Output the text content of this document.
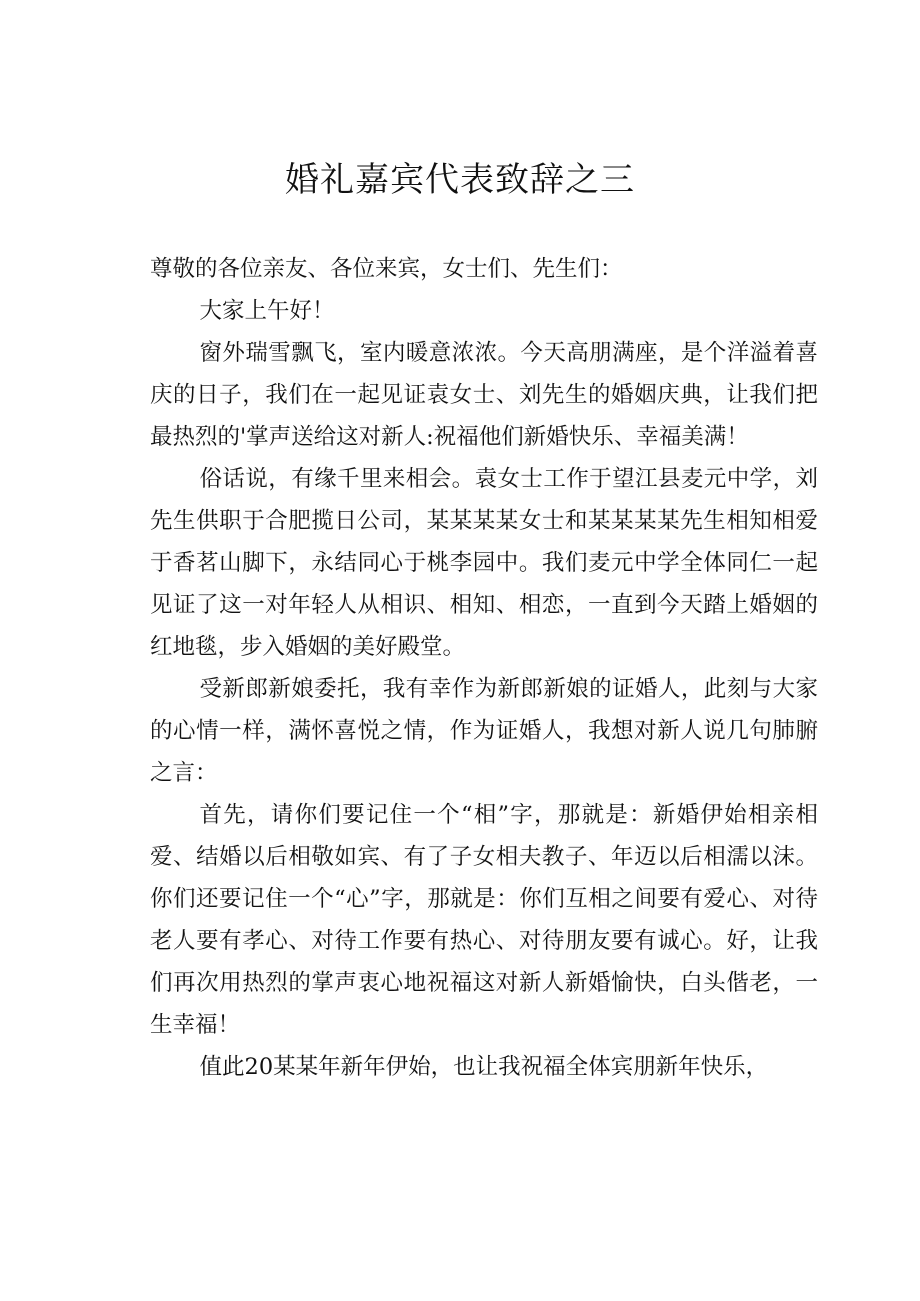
婚礼嘉宾代表致辞之三

尊敬的各位亲友、各位来宾，女士们、先生们：

大家上午好！

窗外瑞雪飘飞，室内暖意浓浓。今天高朋满座，是个洋溢着喜庆的日子，我们在一起见证袁女士、刘先生的婚姻庆典，让我们把最热烈的'掌声送给这对新人:祝福他们新婚快乐、幸福美满！

俗话说，有缘千里来相会。袁女士工作于望江县麦元中学，刘先生供职于合肥揽日公司，某某某某女士和某某某某先生相知相爱于香茗山脚下，永结同心于桃李园中。我们麦元中学全体同仁一起见证了这一对年轻人从相识、相知、相恋，一直到今天踏上婚姻的红地毯，步入婚姻的美好殿堂。

受新郎新娘委托，我有幸作为新郎新娘的证婚人，此刻与大家的心情一样，满怀喜悦之情，作为证婚人，我想对新人说几句肺腑之言：

首先，请你们要记住一个“相”字，那就是：新婚伊始相亲相爱、结婚以后相敬如宾、有了子女相夫教子、年迈以后相濡以沫。你们还要记住一个“心”字，那就是：你们互相之间要有爱心、对待老人要有孝心、对待工作要有热心、对待朋友要有诚心。好，让我们再次用热烈的掌声衷心地祝福这对新人新婚愉快，白头偕老，一生幸福！

值此20某某年新年伊始，也让我祝福全体宾朋新年快乐，
